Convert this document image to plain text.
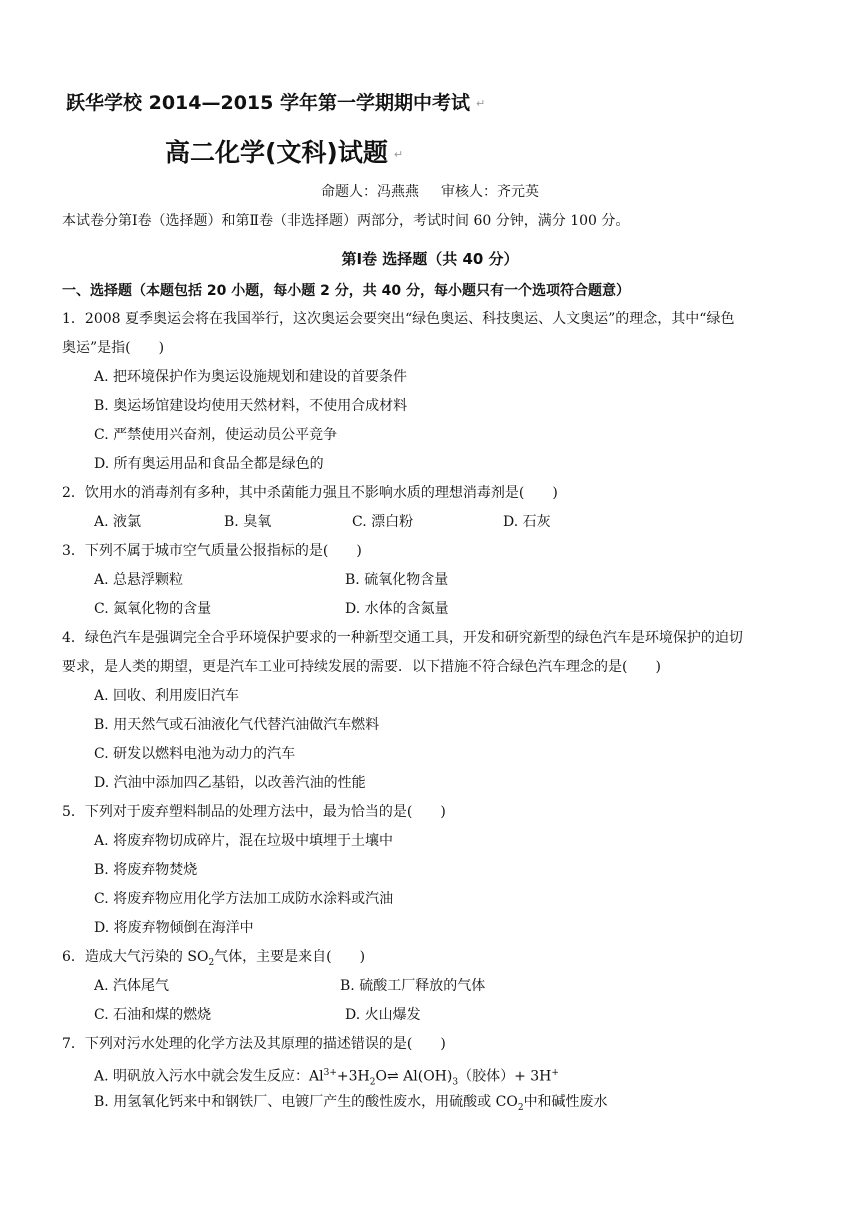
跃华学校 2014—2015 学年第一学期期中考试 ↵
高二化学(文科)试题 ↵
命题人：冯燕燕 审核人：齐元英
本试卷分第Ⅰ卷（选择题）和第Ⅱ卷（非选择题）两部分，考试时间 60 分钟，满分 100 分。
第Ⅰ卷 选择题（共 40 分）
一、选择题（本题包括 20 小题，每小题 2 分，共 40 分，每小题只有一个选项符合题意）
1．2008 夏季奥运会将在我国举行，这次奥运会要突出“绿色奥运、科技奥运、人文奥运”的理念，其中“绿色
奥运”是指(　　)
A. 把环境保护作为奥运设施规划和建设的首要条件
B. 奥运场馆建设均使用天然材料，不使用合成材料
C. 严禁使用兴奋剂，使运动员公平竞争
D. 所有奥运用品和食品全都是绿色的
2．饮用水的消毒剂有多种，其中杀菌能力强且不影响水质的理想消毒剂是(　　)
A. 液氯	B. 臭氧	C. 漂白粉	D. 石灰
3．下列不属于城市空气质量公报指标的是(　　)
A. 总悬浮颗粒	B. 硫氧化物含量
C. 氮氧化物的含量	D. 水体的含氮量
4．绿色汽车是强调完全合乎环境保护要求的一种新型交通工具，开发和研究新型的绿色汽车是环境保护的迫切
要求，是人类的期望，更是汽车工业可持续发展的需要．以下措施不符合绿色汽车理念的是(　　)
A. 回收、利用废旧汽车
B. 用天然气或石油液化气代替汽油做汽车燃料
C. 研发以燃料电池为动力的汽车
D. 汽油中添加四乙基铅，以改善汽油的性能
5．下列对于废弃塑料制品的处理方法中，最为恰当的是(　　)
A. 将废弃物切成碎片，混在垃圾中填埋于土壤中
B. 将废弃物焚烧
C. 将废弃物应用化学方法加工成防水涂料或汽油
D. 将废弃物倾倒在海洋中
6．造成大气污染的 $SO_2$气体，主要是来自(　　)
A. 汽体尾气	B. 硫酸工厂释放的气体
C. 石油和煤的燃烧	D. 火山爆发
7．下列对污水处理的化学方法及其原理的描述错误的是(　　)
A. 明矾放入污水中就会发生反应：$Al^{3+}+3H_2O\rightleftharpoons$ $Al(OH)_3$（胶体）+ 3H+
B. 用氢氧化钙来中和钢铁厂、电镀厂产生的酸性废水，用硫酸或 $CO_2$中和碱性废水
